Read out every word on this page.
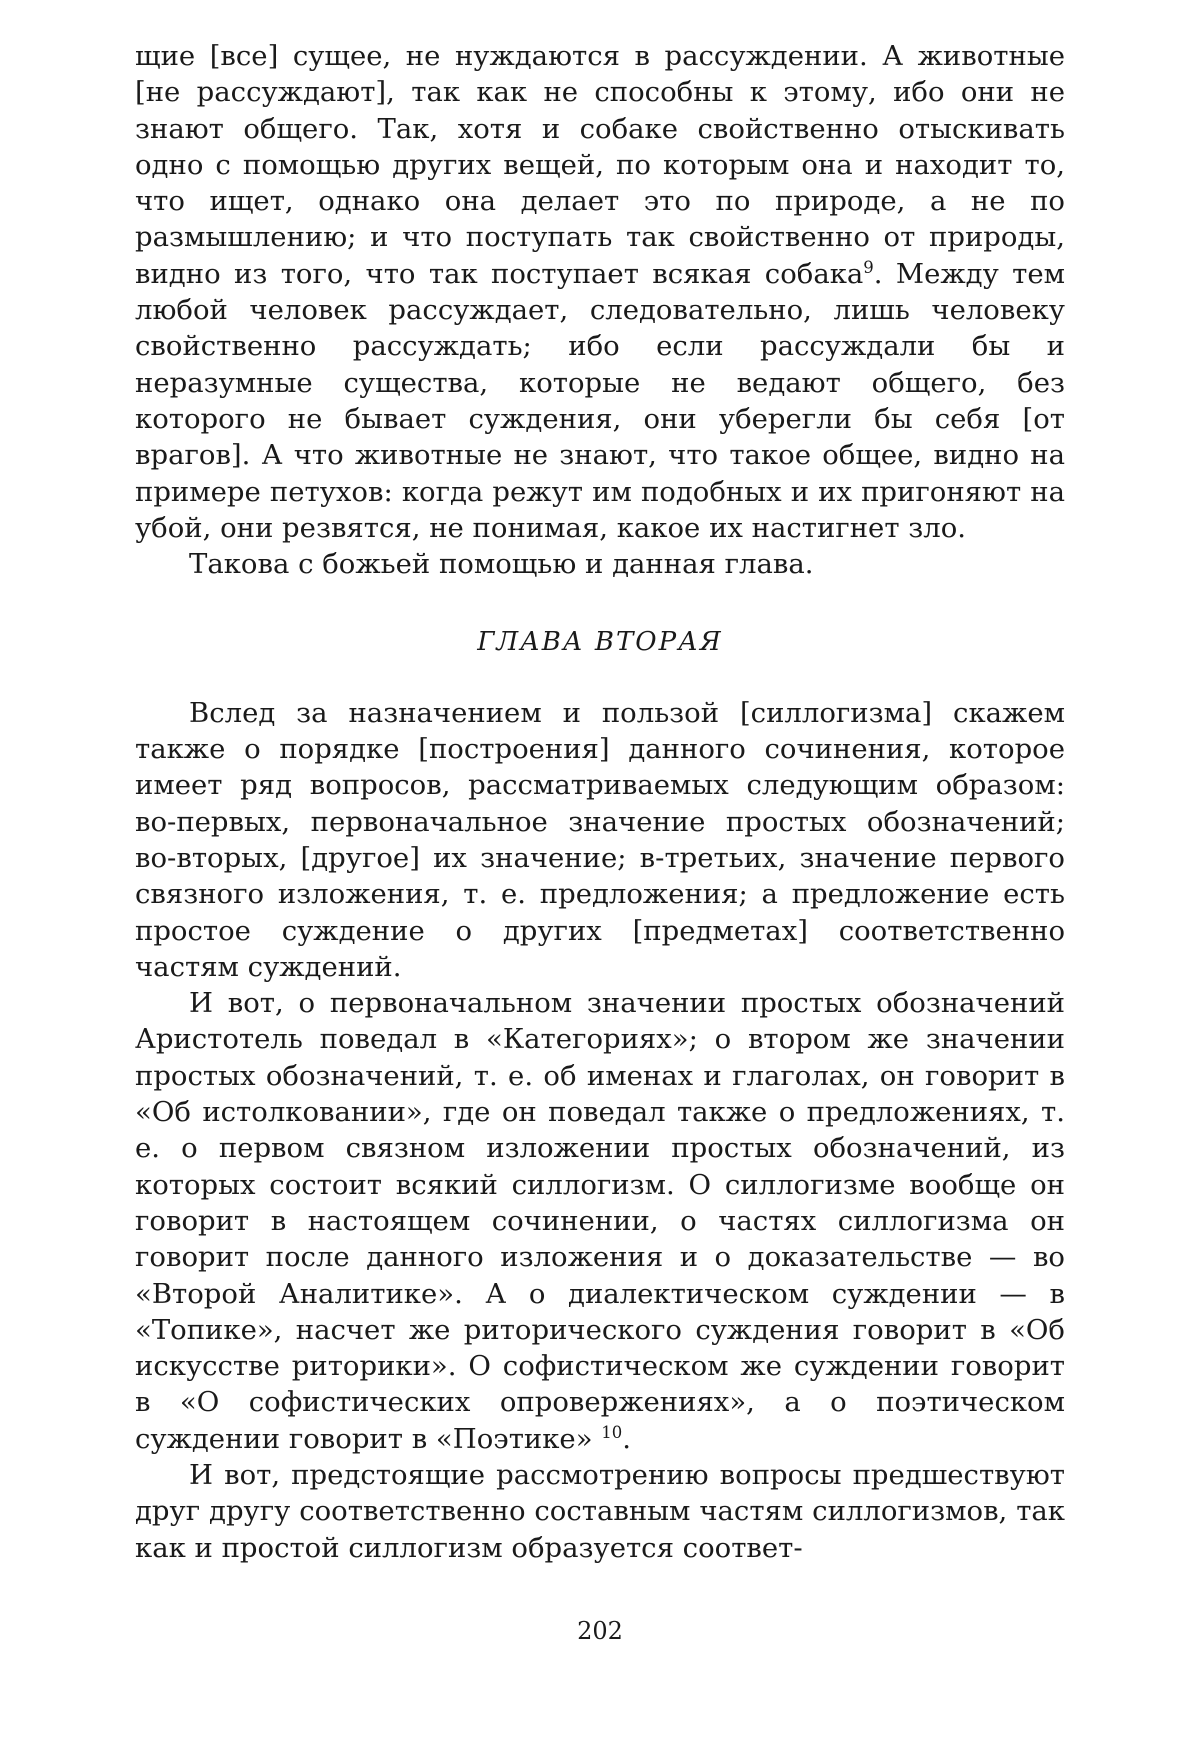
щие [все] сущее, не нуждаются в рассуждении. А животные [не рассуждают], так как не способны к этому, ибо они не знают общего. Так, хотя и собаке свойственно отыскивать одно с помощью других вещей, по которым она и находит то, что ищет, однако она делает это по природе, а не по размышлению; и что поступать так свойственно от природы, видно из того, что так поступает всякая собака$^9$. Между тем любой человек рассуждает, следовательно, лишь человеку свойственно рассуждать; ибо если рассуждали бы и неразумные существа, которые не ведают общего, без которого не бывает суждения, они уберегли бы себя [от врагов]. А что животные не знают, что такое общее, видно на примере петухов: когда режут им подобных и их пригоняют на убой, они резвятся, не понимая, какое их настигнет зло.

Такова с божьей помощью и данная глава.

ГЛАВА ВТОРАЯ

Вслед за назначением и пользой [силлогизма] скажем также о порядке [построения] данного сочинения, которое имеет ряд вопросов, рассматриваемых следующим образом: во-первых, первоначальное значение простых обозначений; во-вторых, [другое] их значение; в-третьих, значение первого связного изложения, т. е. предложения; а предложение есть простое суждение о других [предметах] соответственно частям суждений.

И вот, о первоначальном значении простых обозначений Аристотель поведал в «Категориях»; о втором же значении простых обозначений, т. е. об именах и глаголах, он говорит в «Об истолковании», где он поведал также о предложениях, т. е. о первом связном изложении простых обозначений, из которых состоит всякий силлогизм. О силлогизме вообще он говорит в настоящем сочинении, о частях силлогизма он говорит после данного изложения и о доказательстве — во «Второй Аналитике». А о диалектическом суждении — в «Топике», насчет же риторического суждения говорит в «Об искусстве риторики». О софистическом же суждении говорит в «О софистических опровержениях», а о поэтическом суждении говорит в «Поэтике» $^{10}$.

И вот, предстоящие рассмотрению вопросы предшествуют друг другу соответственно составным частям силлогизмов, так как и простой силлогизм образуется соответ-

202
